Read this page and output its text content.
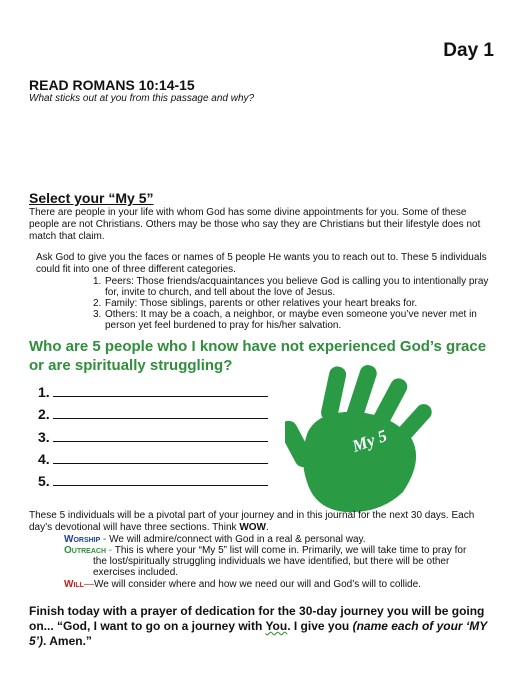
Day 1
READ ROMANS 10:14-15
What sticks out at you from this passage and why?
Select your “My 5”
There are people in your life with whom God has some divine appointments for you. Some of these people are not Christians. Others may be those who say they are Christians but their lifestyle does not match that claim.
Ask God to give you the faces or names of 5 people He wants you to reach out to. These 5 individuals could fit into one of three different categories.
1. Peers: Those friends/acquaintances you believe God is calling you to intentionally pray for, invite to church, and tell about the love of Jesus.
2. Family: Those siblings, parents or other relatives your heart breaks for.
3. Others: It may be a coach, a neighbor, or maybe even someone you’ve never met in person yet feel burdened to pray for his/her salvation.
Who are 5 people who I know have not experienced God’s grace or are spiritually struggling?
1.
2.
3.
4.
5.
My 5
These 5 individuals will be a pivotal part of your journey and in this journal for the next 30 days. Each day’s devotional will have three sections. Think WOW.
Worship - We will admire/connect with God in a real & personal way.
Outreach - This is where your “My 5” list will come in. Primarily, we will take time to pray for
the lost/spiritually struggling individuals we have identified, but there will be other exercises included.
Will—We will consider where and how we need our will and God’s will to collide.
Finish today with a prayer of dedication for the 30-day journey you will be going on... “God, I want to go on a journey with You. I give you (name each of your ‘MY 5’). Amen.”
